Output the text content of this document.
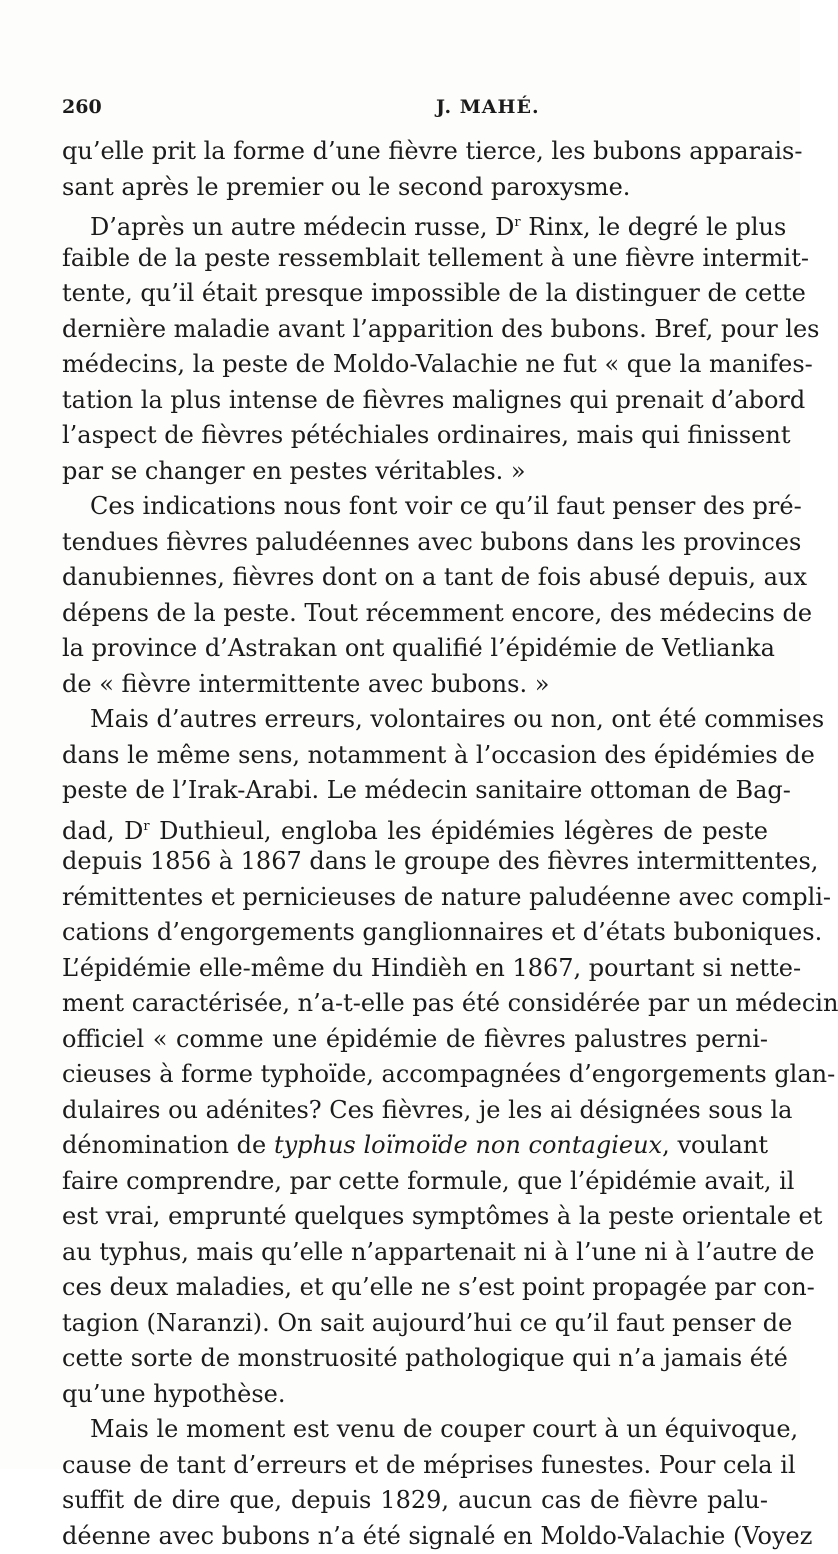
260	J. MAHÉ.
qu’elle prit la forme d’une fièvre tierce, les bubons apparais-
sant après le premier ou le second paroxysme.
D’après un autre médecin russe, $D^r$ Rinx, le degré le plus
faible de la peste ressemblait tellement à une fièvre intermit-
tente, qu’il était presque impossible de la distinguer de cette
dernière maladie avant l’apparition des bubons. Bref, pour les
médecins, la peste de Moldo-Valachie ne fut « que la manifes-
tation la plus intense de fièvres malignes qui prenait d’abord
l’aspect de fièvres pétéchiales ordinaires, mais qui finissent
par se changer en pestes véritables. »
Ces indications nous font voir ce qu’il faut penser des pré-
tendues fièvres paludéennes avec bubons dans les provinces
danubiennes, fièvres dont on a tant de fois abusé depuis, aux
dépens de la peste. Tout récemment encore, des médecins de
la province d’Astrakan ont qualifié l’épidémie de Vetlianka
de « fièvre intermittente avec bubons. »
Mais d’autres erreurs, volontaires ou non, ont été commises
dans le même sens, notamment à l’occasion des épidémies de
peste de l’Irak-Arabi. Le médecin sanitaire ottoman de Bag-
dad, $D^r$ Duthieul, engloba les épidémies légères de peste
depuis 1856 à 1867 dans le groupe des fièvres intermittentes,
rémittentes et pernicieuses de nature paludéenne avec compli-
cations d’engorgements ganglionnaires et d’états buboniques.
L’épidémie elle-même du Hindièh en 1867, pourtant si nette-
ment caractérisée, n’a-t-elle pas été considérée par un médecin
officiel « comme une épidémie de fièvres palustres perni-
cieuses à forme typhoïde, accompagnées d’engorgements glan-
dulaires ou adénites? Ces fièvres, je les ai désignées sous la
dénomination de typhus loïmoïde non contagieux, voulant
faire comprendre, par cette formule, que l’épidémie avait, il
est vrai, emprunté quelques symptômes à la peste orientale et
au typhus, mais qu’elle n’appartenait ni à l’une ni à l’autre de
ces deux maladies, et qu’elle ne s’est point propagée par con-
tagion (Naranzi). On sait aujourd’hui ce qu’il faut penser de
cette sorte de monstruosité pathologique qui n’a jamais été
qu’une hypothèse.
Mais le moment est venu de couper court à un équivoque,
cause de tant d’erreurs et de méprises funestes. Pour cela il
suffit de dire que, depuis 1829, aucun cas de fièvre palu-
déenne avec bubons n’a été signalé en Moldo-Valachie (Voyez
